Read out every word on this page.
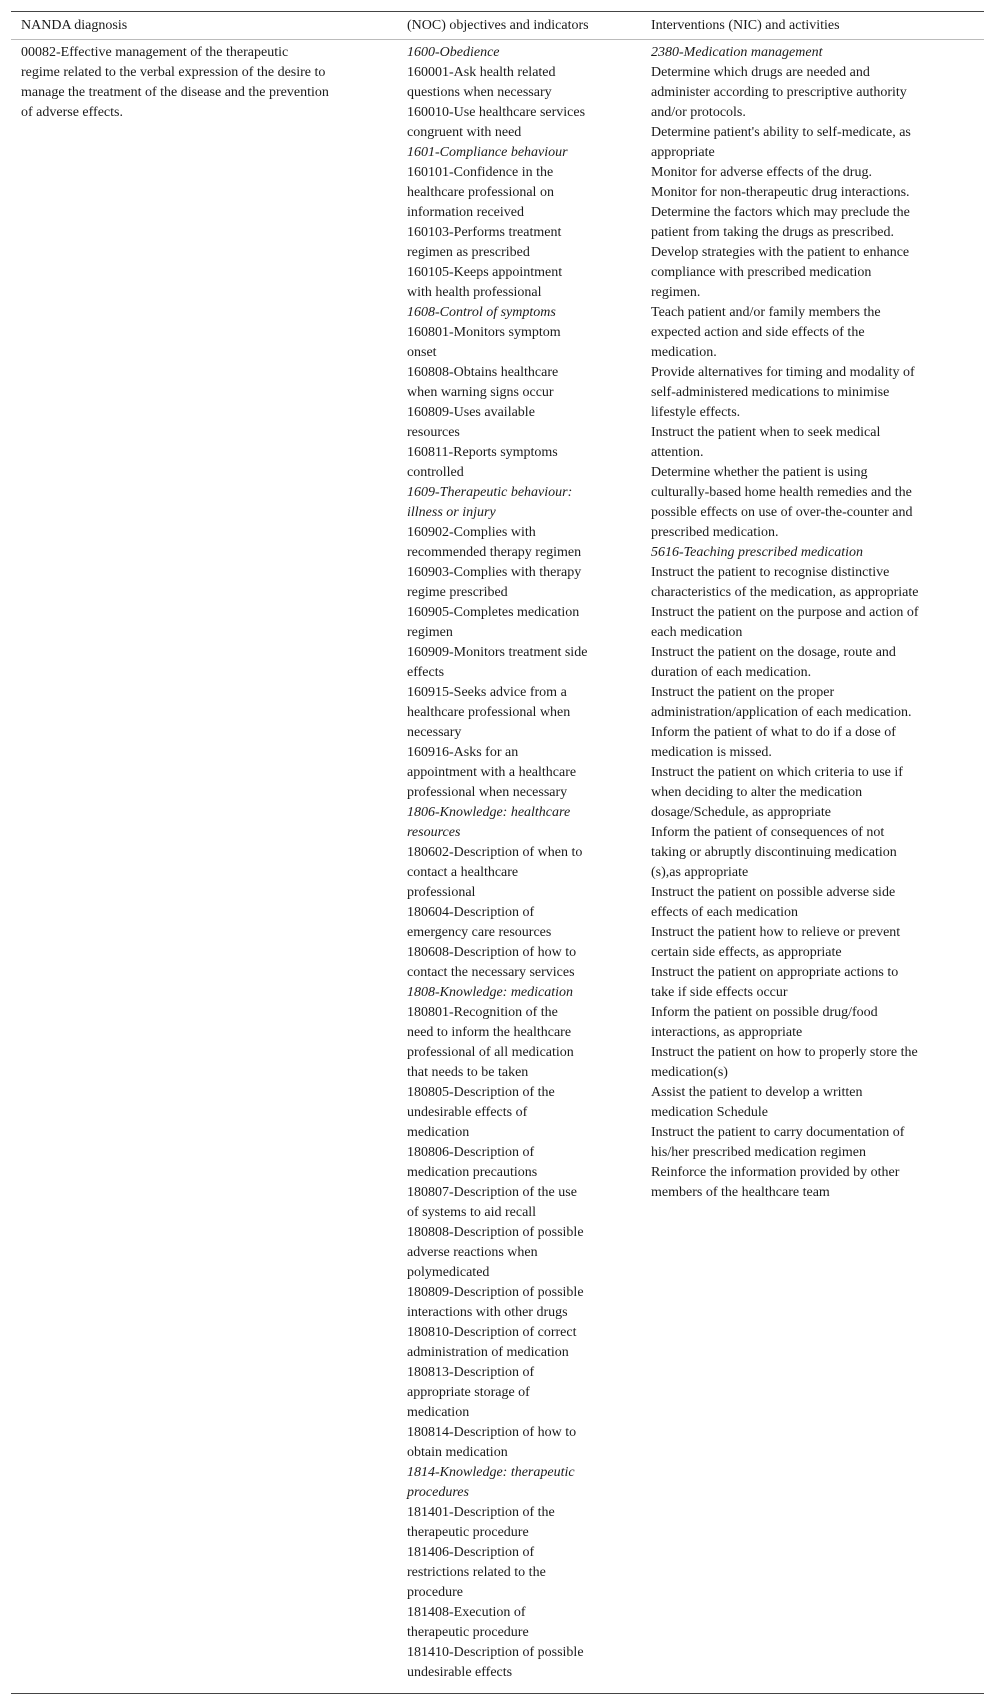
NANDA diagnosis	(NOC) objectives and indicators	Interventions (NIC) and activities
00082-Effective management of the therapeutic
regime related to the verbal expression of the desire to
manage the treatment of the disease and the prevention
of adverse effects.
1600-Obedience
160001-Ask health related
questions when necessary
160010-Use healthcare services
congruent with need
1601-Compliance behaviour
160101-Confidence in the
healthcare professional on
information received
160103-Performs treatment
regimen as prescribed
160105-Keeps appointment
with health professional
1608-Control of symptoms
160801-Monitors symptom
onset
160808-Obtains healthcare
when warning signs occur
160809-Uses available
resources
160811-Reports symptoms
controlled
1609-Therapeutic behaviour:
illness or injury
160902-Complies with
recommended therapy regimen
160903-Complies with therapy
regime prescribed
160905-Completes medication
regimen
160909-Monitors treatment side
effects
160915-Seeks advice from a
healthcare professional when
necessary
160916-Asks for an
appointment with a healthcare
professional when necessary
1806-Knowledge: healthcare
resources
180602-Description of when to
contact a healthcare
professional
180604-Description of
emergency care resources
180608-Description of how to
contact the necessary services
1808-Knowledge: medication
180801-Recognition of the
need to inform the healthcare
professional of all medication
that needs to be taken
180805-Description of the
undesirable effects of
medication
180806-Description of
medication precautions
180807-Description of the use
of systems to aid recall
180808-Description of possible
adverse reactions when
polymedicated
180809-Description of possible
interactions with other drugs
180810-Description of correct
administration of medication
180813-Description of
appropriate storage of
medication
180814-Description of how to
obtain medication
1814-Knowledge: therapeutic
procedures
181401-Description of the
therapeutic procedure
181406-Description of
restrictions related to the
procedure
181408-Execution of
therapeutic procedure
181410-Description of possible
undesirable effects
2380-Medication management
Determine which drugs are needed and
administer according to prescriptive authority
and/or protocols.
Determine patient's ability to self-medicate, as
appropriate
Monitor for adverse effects of the drug.
Monitor for non-therapeutic drug interactions.
Determine the factors which may preclude the
patient from taking the drugs as prescribed.
Develop strategies with the patient to enhance
compliance with prescribed medication
regimen.
Teach patient and/or family members the
expected action and side effects of the
medication.
Provide alternatives for timing and modality of
self-administered medications to minimise
lifestyle effects.
Instruct the patient when to seek medical
attention.
Determine whether the patient is using
culturally-based home health remedies and the
possible effects on use of over-the-counter and
prescribed medication.
5616-Teaching prescribed medication
Instruct the patient to recognise distinctive
characteristics of the medication, as appropriate
Instruct the patient on the purpose and action of
each medication
Instruct the patient on the dosage, route and
duration of each medication.
Instruct the patient on the proper
administration/application of each medication.
Inform the patient of what to do if a dose of
medication is missed.
Instruct the patient on which criteria to use if
when deciding to alter the medication
dosage/Schedule, as appropriate
Inform the patient of consequences of not
taking or abruptly discontinuing medication
(s),as appropriate
Instruct the patient on possible adverse side
effects of each medication
Instruct the patient how to relieve or prevent
certain side effects, as appropriate
Instruct the patient on appropriate actions to
take if side effects occur
Inform the patient on possible drug/food
interactions, as appropriate
Instruct the patient on how to properly store the
medication(s)
Assist the patient to develop a written
medication Schedule
Instruct the patient to carry documentation of
his/her prescribed medication regimen
Reinforce the information provided by other
members of the healthcare team
